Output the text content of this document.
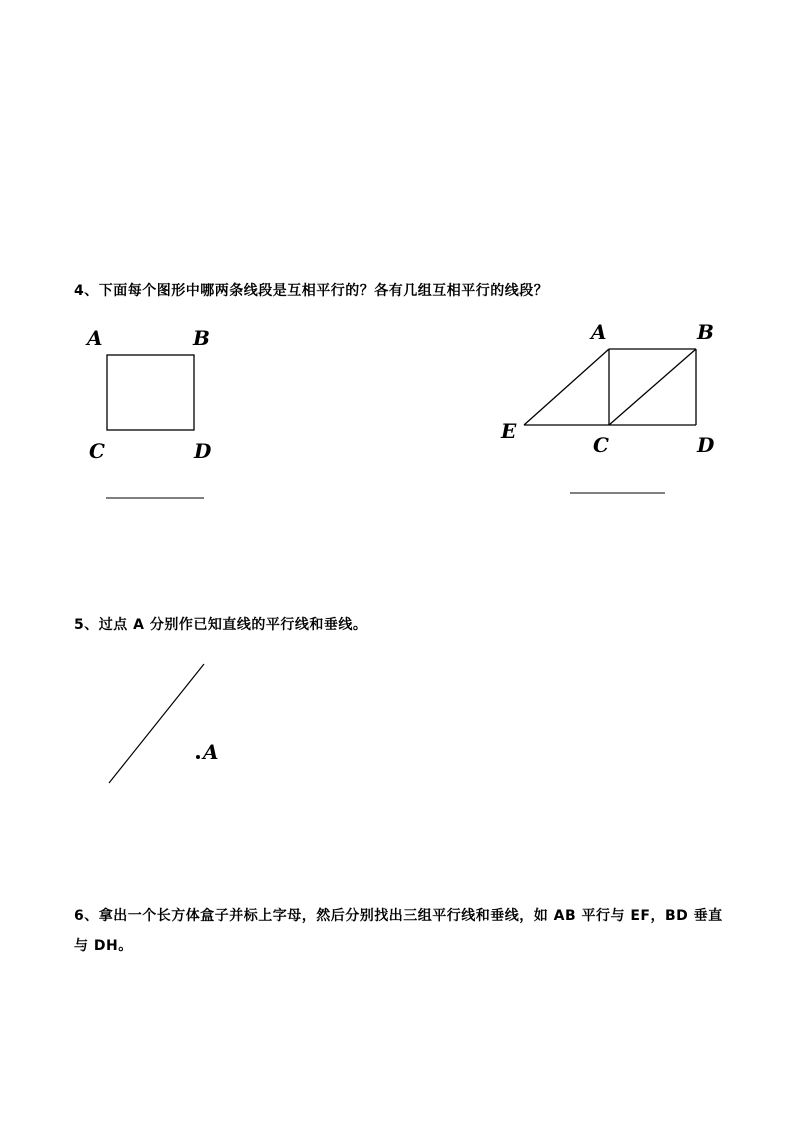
4、下面每个图形中哪两条线段是互相平行的？各有几组互相平行的线段？

A	B
C	D
A	B
E
C	D

5、过点 A 分别作已知直线的平行线和垂线。

A

6、拿出一个长方体盒子并标上字母，然后分别找出三组平行线和垂线，如 AB 平行与 EF，BD 垂直与 DH。
